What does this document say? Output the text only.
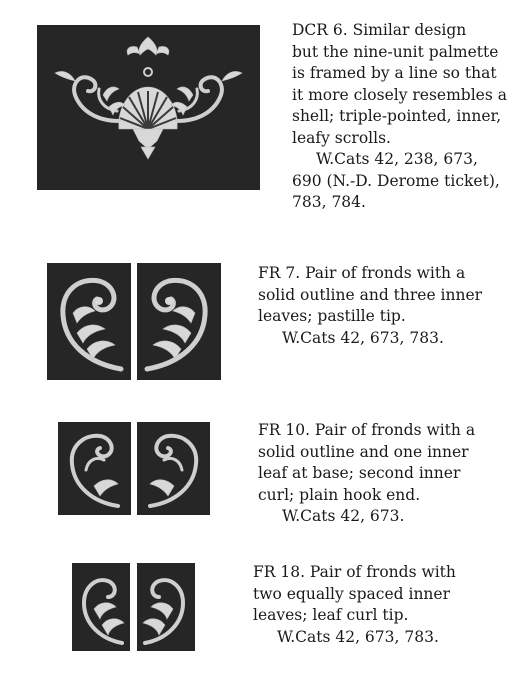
DCR 6. Similar design

but the nine-unit palmette

is framed by a line so that

it more closely resembles a

shell; triple-pointed, inner,

leafy scrolls.

W.Cats 42, 238, 673,

690 (N.-D. Derome ticket),

783, 784.

FR 7. Pair of fronds with a

solid outline and three inner

leaves; pastille tip.

W.Cats 42, 673, 783.

FR 10. Pair of fronds with a

solid outline and one inner

leaf at base; second inner

curl; plain hook end.

W.Cats 42, 673.

FR 18. Pair of fronds with

two equally spaced inner

leaves; leaf curl tip.

W.Cats 42, 673, 783.
